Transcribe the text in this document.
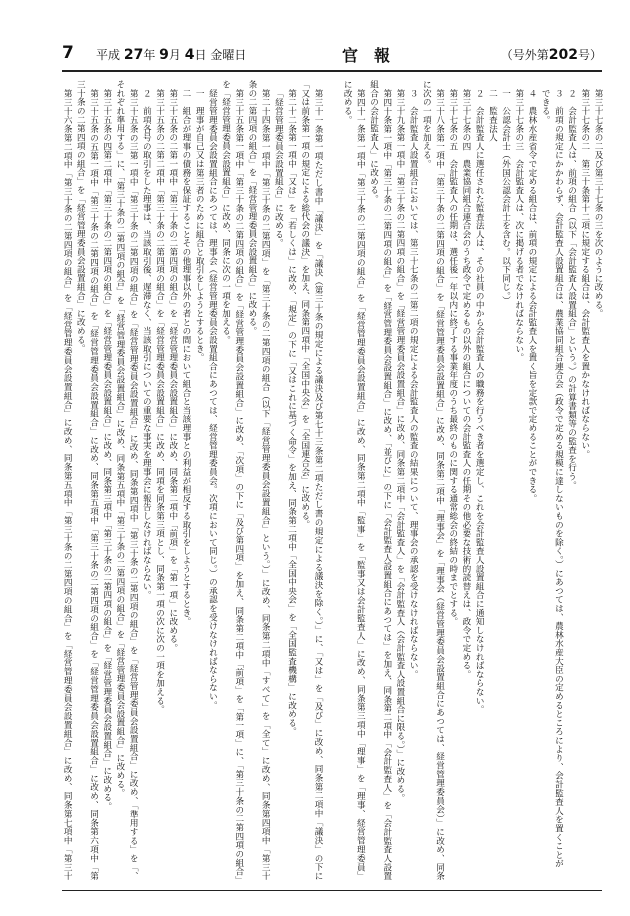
7 平成 27年 9月 4日 金曜日	官報	（号外第202号）

第三十七条の二及び第三十七条の三を次のように改める。

第三十七条の二　第三十条第十二項に規定する組合は、会計監査人を置かなければならない。

２　会計監査人は、前項の組合（以下「会計監査人設置組合」という。）の計算書類等の監査を行う。

３　前項の規定にかかわらず、会計監査人設置組合は、農業協同組合連合会（政令で定める規模に達しないものを除く。）にあつては、農林水産大臣の定めるところにより、会計監査人を置くことが

できる。

４　農林水産省令で定める組合は、前項の規定による会計監査人を置く旨を定款で定めることができる。

第三十七条の三　会計監査人は、次に掲げる者でなければならない。

一　公認会計士（外国公認会計士を含む。以下同じ。）

二　監査法人

２　会計監査人に選任された監査法人は、その社員の中から会計監査人の職務を行うべき者を選定し、これを会計監査人設置組合に通知しなければならない。

第三十七条の四　農業協同組合連合会のうち政令で定めるもの以外の組合についての会計監査人の任期その他必要な技術的読替えは、政令で定める。

第三十七条の五　会計監査人の任期は、選任後一年以内に終了する事業年度のうち最終のものに関する通常総会の終結の時までとする。

第三十八条第一項中「第三十条の二第四項の組合」を「経営管理委員会設置組合」に改め、同条第二項中「理事会」を「理事会（経営管理委員会設置組合にあつては、経営管理委員会）」に改め、同条に次の一項を加える。

３　会計監査人設置組合においては、第三十七条の二第二項の規定による会計監査人の監査の結果について、理事会の承認を受けなければならない。

第三十九条第一項中「第三十条の二第四項の組合」を「経営管理委員会設置組合」に改め、同条第二項中「会計監査人」を「会計監査人（会計監査人設置組合に限る。）」に改める。

第四十条第一項中「第三十条の二第四項の組合」を「経営管理委員会設置組合」に改め、「並びに」の下に「会計監査人設置組合にあつては」を加え、同条第二項中「会計監査人」を「会計監査人設置組合の会計監査人」に改める。

第四十一条第一項中「第三十条の二第四項の組合」を「経営管理委員会設置組合」に改め、同条第二項中「監事」を「監事又は会計監査人」に改め、同条第三項中「理事」を「理事、経営管理委員」に改める。

第三十一条第一項ただし書中「議決」を「議決（第三十条の規定による議決及び第七十三条第二項ただし書の規定による議決を除く。）」に、「又は」を「及び」に改め、同条第二項中「議決」の下に「又は前条第一項の規定による総代会の議決」を加え、同条第四項中「全国中央会」を「全国連合会」に改める。

第二十二条第一項中「又は」を「若しくは」に改め、「規定」の下に「又はこれに基づく命令」を加え、同条第二項中「全国中央会」を「全国監査機構」に改める。

「経営管理委員会設置組合」に改める。

第二十四条第一項中「第三十条の二第四項」を「第三十条の二第四項の組合（以下「経営管理委員会設置組合」という。）」に改め、同条第二項中「すべて」を「全て」に改め、同条第四項中「第三十条の二第四項の組合」を「経営管理委員会設置組合」に改める。

第三十五条第一項中「第三十条の二第四項の組合」を「経営管理委員会設置組合」に改め、「次項」の下に「及び第四項」を加え、同条第二項中「前項」を「第一項」に、「第三十条の二第四項の組合」を「経営管理委員会設置組合」に改め、同条に次の一項を加える。

経営管理委員会設置組合にあつては、理事会（経営管理委員会設置組合にあつては、経営管理委員会。次項において同じ。）の承認を受けなければならない。

一　理事が自己又は第三者のために組合と取引をしようとするとき。

二　組合が理事の債務を保証することその他理事以外の者との間において組合と当該理事との利益が相反する取引をしようとするとき。

第三十五条の二第一項中「第三十条の二第四項の組合」を「経営管理委員会設置組合」に改め、同条第二項中「前項」を「第一項」に改める。

第三十五条の二第二項中「第三十条の二第四項の組合」を「経営管理委員会設置組合」に改め、同項を同条第三項とし、同条第一項の次に次の一項を加える。

２　前項各号の取引をした理事は、当該取引後、遅滞なく、当該取引についての重要な事実を理事会に報告しなければならない。

第三十五条の三第一項中「第三十条の二第四項の組合」を「経営管理委員会設置組合」に改め、同条第四項中「第三十条の二第四項の組合」を「経営管理委員会設置組合」に改め、「準用する」を「、それぞれ準用する」に、「第三十条の二第四項の組合」を「経営管理委員会設置組合」に改め、同条第五項中「第三十条の二第四項の組合」を「経営管理委員会設置組合」に改める。

第三十五条の四第二項中「第三十条の二第四項の組合」を「経営管理委員会設置組合」に改め、同条第三項中「第三十条の二第四項の組合」を「経営管理委員会設置組合」に改める。

第三十五条の五第一項中「第三十条の二第四項の組合」を「経営管理委員会設置組合」に改め、同条第五項中「第三十条の二第四項の組合」を「経営管理委員会設置組合」に改め、同条第六項中「第三十条の二第四項の組合」を「経営管理委員会設置組合」に改める。

第三十六条第二項中「第三十条の二第四項の組合」を「経営管理委員会設置組合」に改め、同条第五項中「第三十条の二第四項の組合」を「経営管理委員会設置組合」に改め、同条第七項中「第三十
